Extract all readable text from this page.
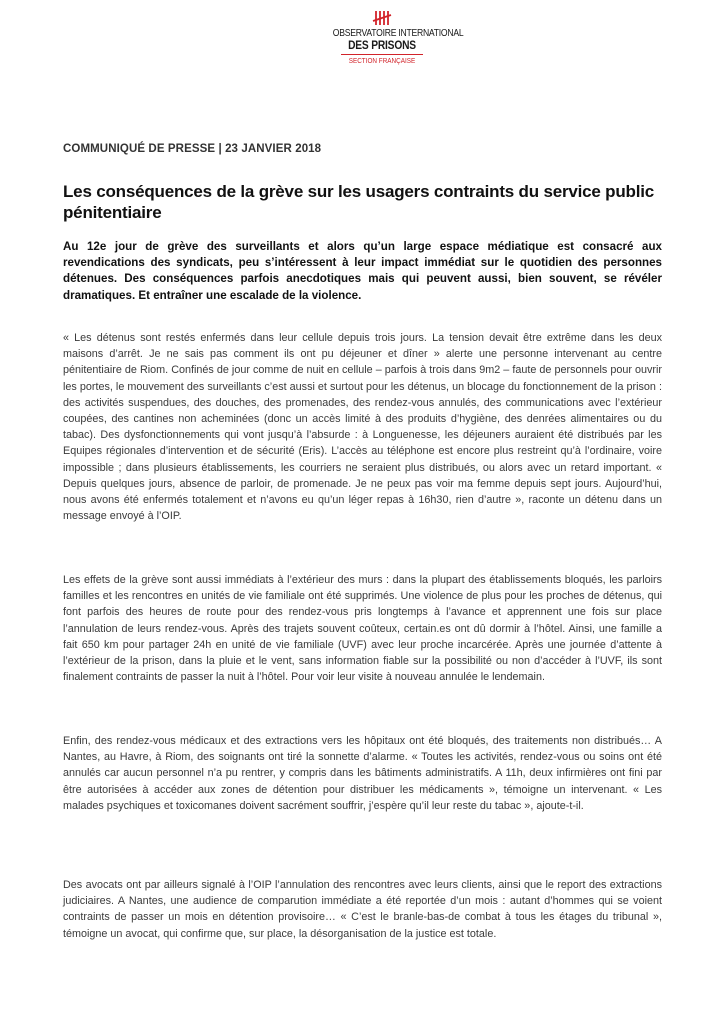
OBSERVATOIRE INTERNATIONAL
DES PRISONS
SECTION FRANÇAISE
COMMUNIQUÉ DE PRESSE | 23 JANVIER 2018
Les conséquences de la grève sur les usagers contraints du service public pénitentiaire

Au 12e jour de grève des surveillants et alors qu’un large espace médiatique est consacré aux revendications des syndicats, peu s’intéressent à leur impact immédiat sur le quotidien des personnes détenues. Des conséquences parfois anecdotiques mais qui peuvent aussi, bien souvent, se révéler dramatiques. Et entraîner une escalade de la violence.

« Les détenus sont restés enfermés dans leur cellule depuis trois jours. La tension devait être extrême dans les deux maisons d’arrêt. Je ne sais pas comment ils ont pu déjeuner et dîner » alerte une personne intervenant au centre pénitentiaire de Riom. Confinés de jour comme de nuit en cellule – parfois à trois dans 9m2 – faute de personnels pour ouvrir les portes, le mouvement des surveillants c’est aussi et surtout pour les détenus, un blocage du fonctionnement de la prison : des activités suspendues, des douches, des promenades, des rendez-vous annulés, des communications avec l’extérieur coupées, des cantines non acheminées (donc un accès limité à des produits d’hygiène, des denrées alimentaires ou du tabac). Des dysfonctionnements qui vont jusqu’à l’absurde : à Longuenesse, les déjeuners auraient été distribués par les Equipes régionales d’intervention et de sécurité (Eris). L’accès au téléphone est encore plus restreint qu’à l’ordinaire, voire impossible ; dans plusieurs établissements, les courriers ne seraient plus distribués, ou alors avec un retard important. « Depuis quelques jours, absence de parloir, de promenade. Je ne peux pas voir ma femme depuis sept jours. Aujourd’hui, nous avons été enfermés totalement et n’avons eu qu’un léger repas à 16h30, rien d’autre », raconte un détenu dans un message envoyé à l’OIP.

Les effets de la grève sont aussi immédiats à l’extérieur des murs : dans la plupart des établissements bloqués, les parloirs familles et les rencontres en unités de vie familiale ont été supprimés. Une violence de plus pour les proches de détenus, qui font parfois des heures de route pour des rendez-vous pris longtemps à l’avance et apprennent une fois sur place l’annulation de leurs rendez-vous. Après des trajets souvent coûteux, certain.es ont dû dormir à l’hôtel. Ainsi, une famille a fait 650 km pour partager 24h en unité de vie familiale (UVF) avec leur proche incarcérée. Après une journée d’attente à l’extérieur de la prison, dans la pluie et le vent, sans information fiable sur la possibilité ou non d’accéder à l’UVF, ils sont finalement contraints de passer la nuit à l’hôtel. Pour voir leur visite à nouveau annulée le lendemain.

Enfin, des rendez-vous médicaux et des extractions vers les hôpitaux ont été bloqués, des traitements non distribués… A Nantes, au Havre, à Riom, des soignants ont tiré la sonnette d’alarme. « Toutes les activités, rendez-vous ou soins ont été annulés car aucun personnel n’a pu rentrer, y compris dans les bâtiments administratifs. A 11h, deux infirmières ont fini par être autorisées à accéder aux zones de détention pour distribuer les médicaments », témoigne un intervenant. « Les malades psychiques et toxicomanes doivent sacrément souffrir, j’espère qu’il leur reste du tabac », ajoute-t-il.

Des avocats ont par ailleurs signalé à l’OIP l’annulation des rencontres avec leurs clients, ainsi que le report des extractions judiciaires. A Nantes, une audience de comparution immédiate a été reportée d’un mois : autant d’hommes qui se voient contraints de passer un mois en détention provisoire… « C’est le branle-bas-de combat à tous les étages du tribunal », témoigne un avocat, qui confirme que, sur place, la désorganisation de la justice est totale.
